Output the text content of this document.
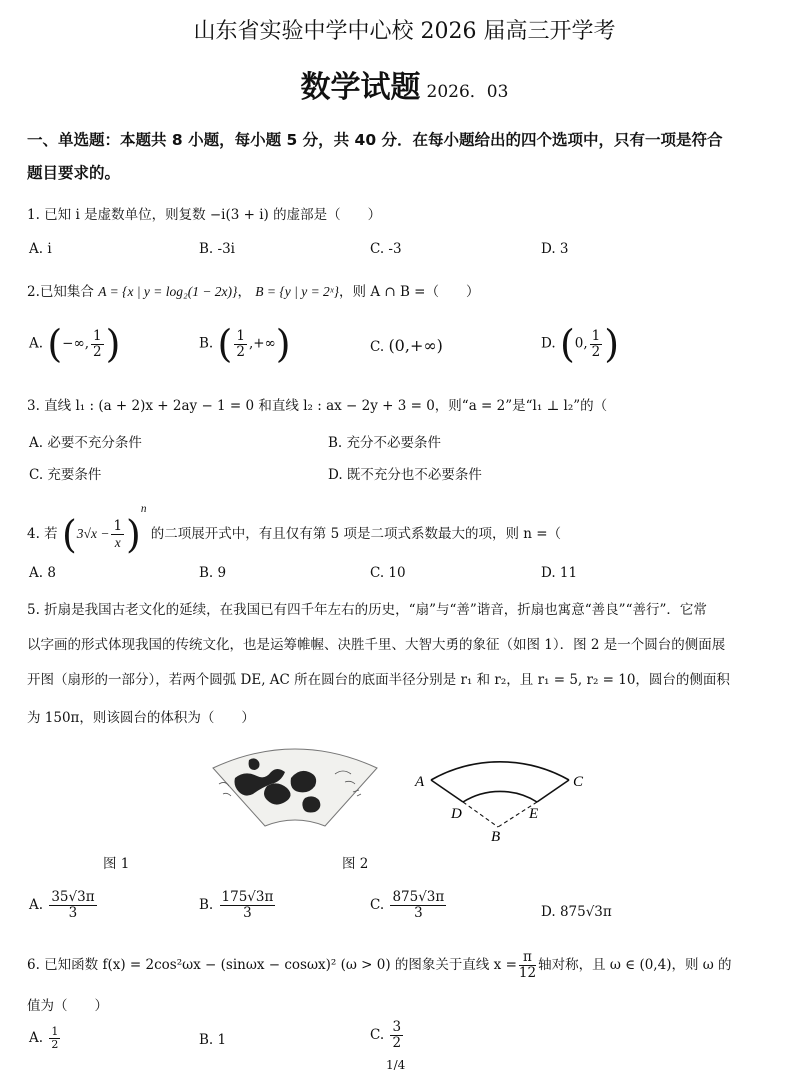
山东省实验中学中心校 2026 届高三开学考
数学试题 2026．03
一、单选题：本题共 8 小题，每小题 5 分，共 40 分．在每小题给出的四个选项中，只有一项是符合
题目要求的。
1. 已知 i 是虚数单位，则复数 −i(3 + i) 的虚部是（　　）
A. i	B. -3i	C. -3	D. 3
2.已知集合 A = {x | y = log₂(1 − 2x)}， B = {y | y = 2ˣ}，则 A ∩ B =（　　）
A. (−∞, $\frac{1}{2}$ )	B. ( $\frac{1}{2}$ ,+∞)	C. (0,+∞)	D. (0, $\frac{1}{2}$ )
3. 直线 l₁ : (a + 2)x + 2ay − 1 = 0 和直线 l₂ : ax − 2y + 3 = 0，则“a = 2”是“l₁ ⊥ l₂”的（
A. 必要不充分条件	B. 充分不必要条件
C. 充要条件	D. 既不充分也不必要条件
4. 若 $(3√x - \frac{1}{x} )^n$ 的二项展开式中，有且仅有第 5 项是二项式系数最大的项，则 n =（
A. 8	B. 9	C. 10	D. 11
5. 折扇是我国古老文化的延续，在我国已有四千年左右的历史，“扇”与“善”谐音，折扇也寓意“善良”“善行”．它常
以字画的形式体现我国的传统文化，也是运筹帷幄、决胜千里、大智大勇的象征（如图 1）．图 2 是一个圆台的侧面展
开图（扇形的一部分），若两个圆弧 DE, AC 所在圆台的底面半径分别是 r₁ 和 r₂，且 r₁ = 5, r₂ = 10，圆台的侧面积
为 150π，则该圆台的体积为（　　）
A	C
D	E
B
图 1	图 2
A. $\frac{35√3\pi}{3}$	B. $\frac{175√3\pi}{3}$	C. $\frac{875√3\pi}{3}$	D. 875√3π
6. 已知函数 f(x) = 2cos²ωx − (sinωx − cosωx)² (ω > 0) 的图象关于直线 $x = \frac{\pi}{12}$ 轴对称，且 ω ∈ (0,4)，则 ω 的
值为（　　）
A. $\frac{1}{2}$	B. 1	C. $\frac{3}{2}$
1/4
